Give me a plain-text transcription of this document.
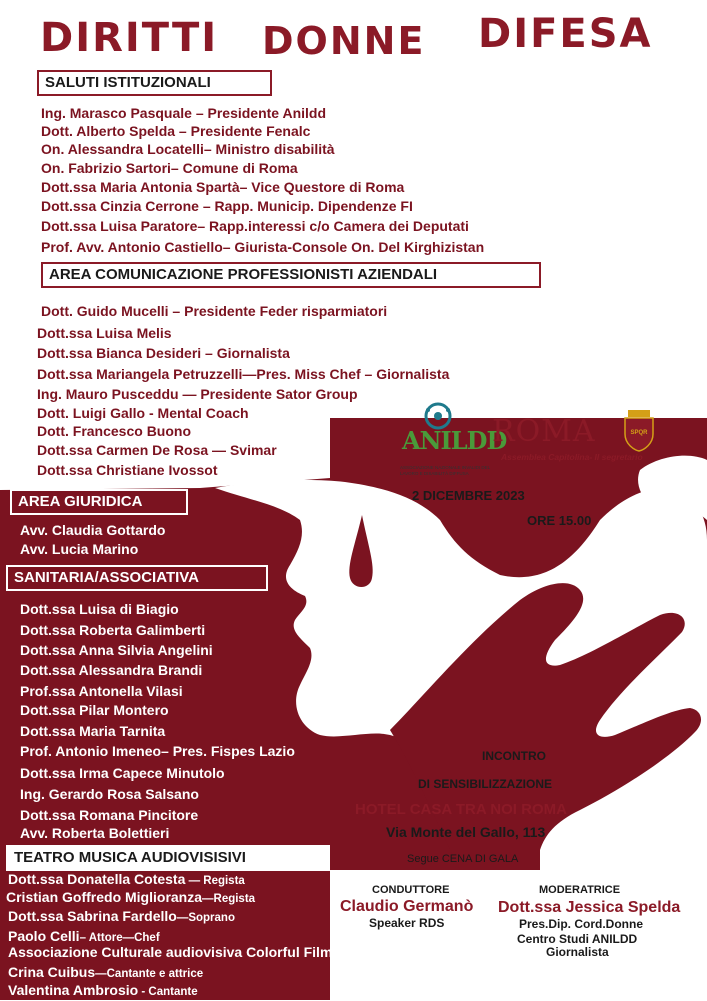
DIRITTI DONNE DIFESA
SALUTI ISTITUZIONALI
Ing. Marasco Pasquale – Presidente Anildd
Dott. Alberto Spelda – Presidente Fenalc
On. Alessandra Locatelli– Ministro disabilità
On. Fabrizio Sartori– Comune di Roma
Dott.ssa Maria Antonia Spartà– Vice Questore di Roma
Dott.ssa Cinzia Cerrone – Rapp. Municip. Dipendenze FI
Dott.ssa Luisa Paratore– Rapp.interessi c/o Camera dei Deputati
Prof. Avv. Antonio Castiello– Giurista-Console On. Del Kirghizistan
AREA COMUNICAZIONE PROFESSIONISTI AZIENDALI
Dott. Guido Mucelli – Presidente Feder risparmiatori
Dott.ssa Luisa Melis
Dott.ssa Bianca Desideri – Giornalista
Dott.ssa Mariangela Petruzzelli—Pres. Miss Chef – Giornalista
Ing. Mauro Pusceddu — Presidente Sator Group
Dott. Luigi Gallo - Mental Coach
Dott. Francesco Buono
Dott.ssa Carmen De Rosa — Svimar
Dott.ssa Christiane Ivossot
ANILDD
ASSOCIAZIONE NAZIONALE INVALIDI DEL
LAVORO E DISABILITÀ DIFFUSA
ROMA
Assemblea Capitolina- Il segretario
SPQR
2 DICEMBRE 2023
ORE 15.00
AREA GIURIDICA
Avv. Claudia Gottardo
Avv. Lucia Marino
SANITARIA/ASSOCIATIVA
Dott.ssa Luisa di Biagio
Dott.ssa Roberta Galimberti
Dott.ssa Anna Silvia Angelini
Dott.ssa Alessandra Brandi
Prof.ssa Antonella Vilasi
Dott.ssa Pilar Montero
Dott.ssa Maria Tarnita
Prof. Antonio Imeneo– Pres. Fispes Lazio
Dott.ssa Irma Capece Minutolo
Ing. Gerardo Rosa Salsano
Dott.ssa Romana Pincitore
Avv. Roberta Bolettieri
INCONTRO
DI SENSIBILIZZAZIONE
HOTEL CASA TRA NOI ROMA
Via Monte del Gallo, 113
Segue CENA DI GALA
TEATRO MUSICA AUDIOVISISIVI
Dott.ssa Donatella Cotesta — Regista
Cristian Goffredo Miglioranza—Regista
Dott.ssa Sabrina Fardello—Soprano
Paolo Celli– Attore—Chef
Associazione Culturale audiovisiva Colorful Film
Crina Cuibus—Cantante e attrice
Valentina Ambrosio - Cantante
CONDUTTORE
Claudio Germanò
Speaker RDS
MODERATRICE
Dott.ssa Jessica Spelda
Pres.Dip. Cord.Donne
Centro Studi ANILDD
Giornalista
